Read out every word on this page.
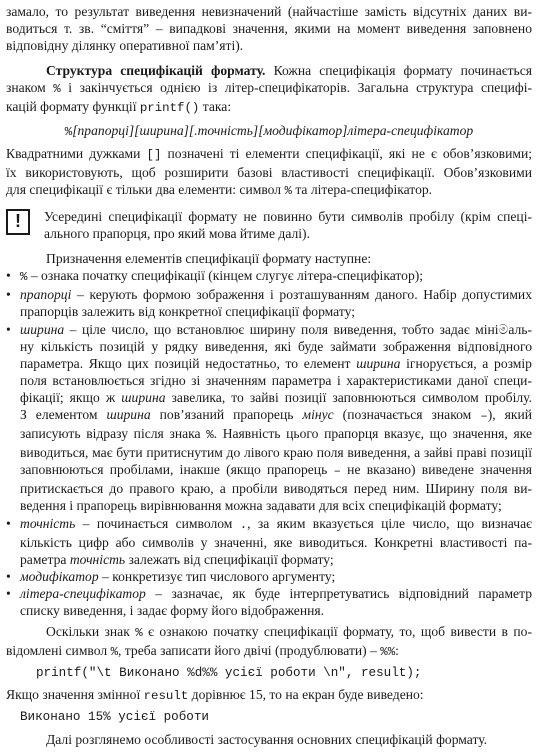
замало, то результат виведення невизначений (найчастіше замість відсутніх даних ви-
водиться т. зв. “сміття” – випадкові значення, якими на момент виведення заповнено
відповідну ділянку оперативної пам’яті).
Структура специфікацій формату. Кожна специфікація формату починається
знаком % і закінчується однією із літер-специфікаторів. Загальна структура специфі-
кацій формату функції printf() така:
%[прапорці][ширина][.точність][модифікатор]літера-специфікатор
Квадратними дужками [] позначені ті елементи специфікації, які не є обов’язковими;
їх використовують, щоб розширити базові властивості специфікації. Обов’язковими
для специфікації є тільки два елементи: символ % та літера-специфікатор.
!	Усередині специфікації формату не повинно бути символів пробілу (крім спеці-
ального прапорця, про який мова йтиме далі).
Призначення елементів специфікації формату наступне:
• % – ознака початку специфікації (кінцем слугує літера-специфікатор);
• прапорці – керують формою зображення і розташуванням даного. Набір допустимих
прапорців залежить від конкретної специфікації формату;
• ширина – ціле число, що встановлює ширину поля виведення, тобто задає мініමаль-
ну кількість позицій у рядку виведення, які буде займати зображення відповідного
параметра. Якщо цих позицій недостатньо, то елемент ширина ігнорується, а розмір
поля встановлюється згідно зі значенням параметра і характеристиками даної специ-
фікації; якщо ж ширина завелика, то зайві позиції заповнюються символом пробілу.
З елементом ширина пов’язаний прапорець мінус (позначається знаком –), який
записують відразу після знака %. Наявність цього прапорця вказує, що значення, яке
виводиться, має бути притиснутим до лівого краю поля виведення, а зайві праві позиції
заповнюються пробілами, інакше (якщо прапорець – не вказано) виведене значення
притискається до правого краю, а пробіли виводяться перед ним. Ширину поля ви-
ведення і прапорець вирівнювання можна задавати для всіх специфікацій формату;
• точність – починається символом ., за яким вказується ціле число, що визначає
кількість цифр або символів у значенні, яке виводиться. Конкретні властивості па-
раметра точність залежать від специфікації формату;
• модифікатор – конкретизує тип числового аргументу;
• літера-специфікатор – зазначає, як буде інтерпретуватись відповідний параметр
списку виведення, і задає форму його відображення.
Оскільки знак % є ознакою початку специфікації формату, то, щоб вивести в по-
відомлені символ %, треба записати його двічі (продублювати) – %%:
printf("\t Виконано %d%% усієї роботи \n", result);
Якщо значення змінної result дорівнює 15, то на екран буде виведено:
Виконано 15% усієї роботи
Далі розглянемо особливості застосування основних специфікацій формату.
